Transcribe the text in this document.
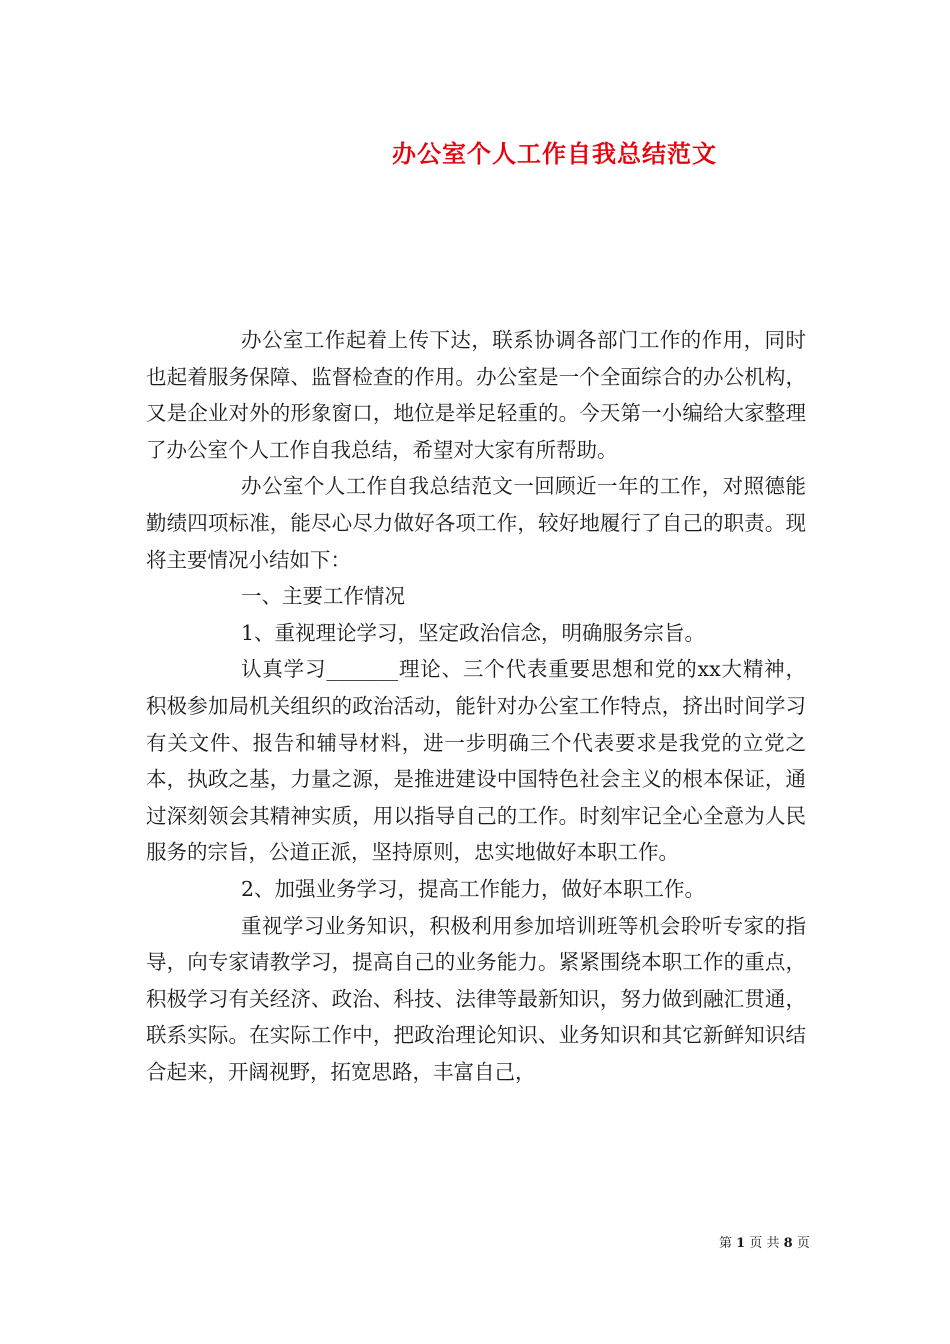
办公室个人工作自我总结范文

办公室工作起着上传下达，联系协调各部门工作的作用，同时也起着服务保障、监督检查的作用。办公室是一个全面综合的办公机构，又是企业对外的形象窗口，地位是举足轻重的。今天第一小编给大家整理了办公室个人工作自我总结，希望对大家有所帮助。

办公室个人工作自我总结范文一回顾近一年的工作，对照德能勤绩四项标准，能尽心尽力做好各项工作，较好地履行了自己的职责。现将主要情况小结如下：

一、主要工作情况

1、重视理论学习，坚定政治信念，明确服务宗旨。

认真学习_______理论、三个代表重要思想和党的xx大精神，积极参加局机关组织的政治活动，能针对办公室工作特点，挤出时间学习有关文件、报告和辅导材料，进一步明确三个代表要求是我党的立党之本，执政之基，力量之源，是推进建设中国特色社会主义的根本保证，通过深刻领会其精神实质，用以指导自己的工作。时刻牢记全心全意为人民服务的宗旨，公道正派，坚持原则，忠实地做好本职工作。

2、加强业务学习，提高工作能力，做好本职工作。

重视学习业务知识，积极利用参加培训班等机会聆听专家的指导，向专家请教学习，提高自己的业务能力。紧紧围绕本职工作的重点，积极学习有关经济、政治、科技、法律等最新知识，努力做到融汇贯通，联系实际。在实际工作中，把政治理论知识、业务知识和其它新鲜知识结合起来，开阔视野，拓宽思路，丰富自己，

第 1 页 共 8 页
